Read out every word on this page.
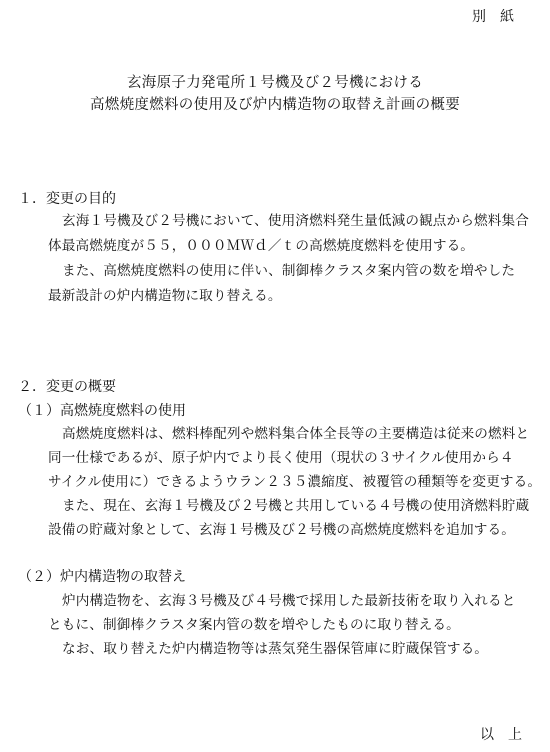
別紙
玄海原子力発電所１号機及び２号機における
高燃焼度燃料の使用及び炉内構造物の取替え計画の概要
１．変更の目的
玄海１号機及び２号機において、使用済燃料発生量低減の観点から燃料集合
体最高燃焼度が５５，０００ＭＷｄ／ｔの高燃焼度燃料を使用する。
また、高燃焼度燃料の使用に伴い、制御棒クラスタ案内管の数を増やした
最新設計の炉内構造物に取り替える。
２．変更の概要
（１）高燃焼度燃料の使用
高燃焼度燃料は、燃料棒配列や燃料集合体全長等の主要構造は従来の燃料と
同一仕様であるが、原子炉内でより長く使用（現状の３サイクル使用から４
サイクル使用に）できるようウラン２３５濃縮度、被覆管の種類等を変更する。
また、現在、玄海１号機及び２号機と共用している４号機の使用済燃料貯蔵
設備の貯蔵対象として、玄海１号機及び２号機の高燃焼度燃料を追加する。
（２）炉内構造物の取替え
炉内構造物を、玄海３号機及び４号機で採用した最新技術を取り入れると
ともに、制御棒クラスタ案内管の数を増やしたものに取り替える。
なお、取り替えた炉内構造物等は蒸気発生器保管庫に貯蔵保管する。
以上
